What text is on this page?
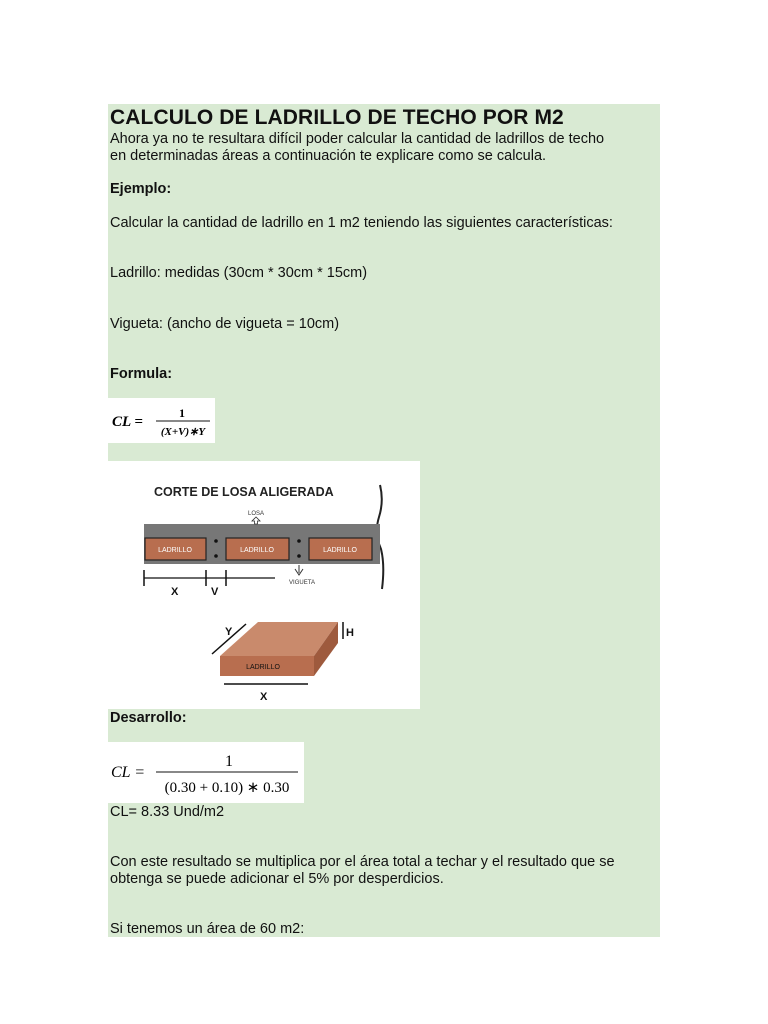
CALCULO DE LADRILLO DE TECHO POR M2

Ahora ya no te resultara difícil poder calcular la cantidad de ladrillos de techo

en determinadas áreas a continuación te explicare como se calcula.

Ejemplo:

Calcular la cantidad de ladrillo en 1 m2 teniendo las siguientes características:

Ladrillo: medidas (30cm * 30cm * 15cm)

Vigueta: (ancho de vigueta = 10cm)

Formula:

CL =
1
(X+V)∗Y
CORTE DE LOSA ALIGERADA
LADRILLO	LADRILLO	LADRILLO
LOSA
VIGUETA
X	V
LADRILLO
Y	H
X

Desarrollo:

CL =
1
(0.30 + 0.10) ∗ 0.30

CL= 8.33 Und/m2

Con este resultado se multiplica por el área total a techar y el resultado que se

obtenga se puede adicionar el 5% por desperdicios.

Si tenemos un área de 60 m2:
